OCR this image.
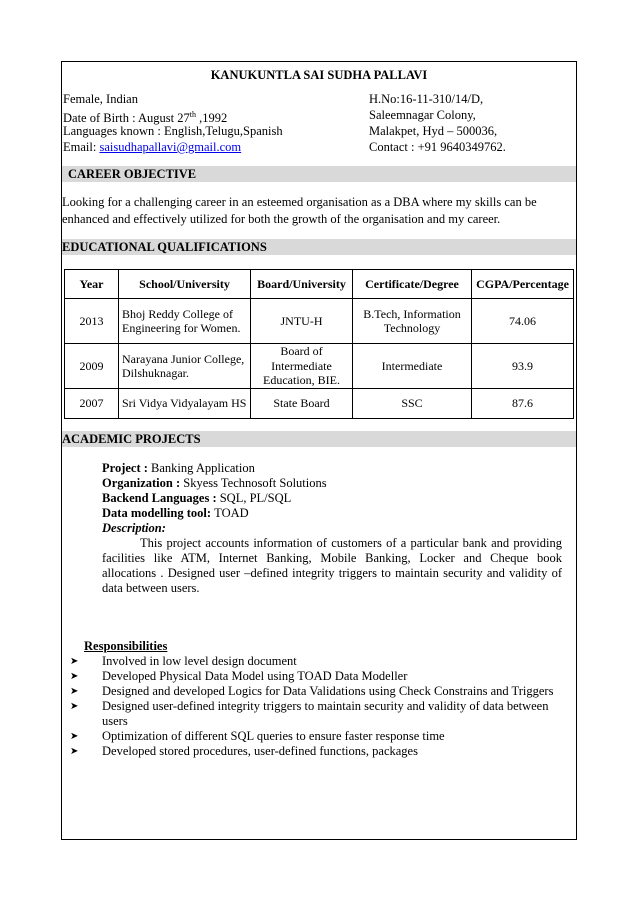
KANUKUNTLA SAI SUDHA PALLAVI
Female, Indian
Date of Birth : August 27th ,1992
Languages known : English,Telugu,Spanish
Email: saisudhapallavi@gmail.com
H.No:16-11-310/14/D,
Saleemnagar Colony,
Malakpet, Hyd – 500036,
Contact : +91 9640349762.
CAREER OBJECTIVE
Looking for a challenging career in an esteemed organisation as a DBA where my skills can be enhanced and effectively utilized for both the growth of the organisation and my career.
EDUCATIONAL QUALIFICATIONS
Year	School/University	Board/University	Certificate/Degree	CGPA/Percentage
2013	Bhoj Reddy College of Engineering for Women.	JNTU-H	B.Tech, Information Technology	74.06
2009	Narayana Junior College, Dilshuknagar.	Board of Intermediate Education, BIE.	Intermediate	93.9
2007	Sri Vidya Vidyalayam HS	State Board	SSC	87.6
ACADEMIC PROJECTS
Project : Banking Application
Organization : Skyess Technosoft Solutions
Backend Languages : SQL, PL/SQL
Data modelling tool: TOAD
Description:
This project accounts information of customers of a particular bank and providing facilities like ATM, Internet Banking, Mobile Banking, Locker and Cheque book allocations . Designed user –defined integrity triggers to maintain security and validity of data between users.
Responsibilities
➤ Involved in low level design document
➤ Developed Physical Data Model using TOAD Data Modeller
➤ Designed and developed Logics for Data Validations using Check Constrains and Triggers
➤ Designed user-defined integrity triggers to maintain security and validity of data between users
➤ Optimization of different SQL queries to ensure faster response time
➤ Developed stored procedures, user-defined functions, packages
